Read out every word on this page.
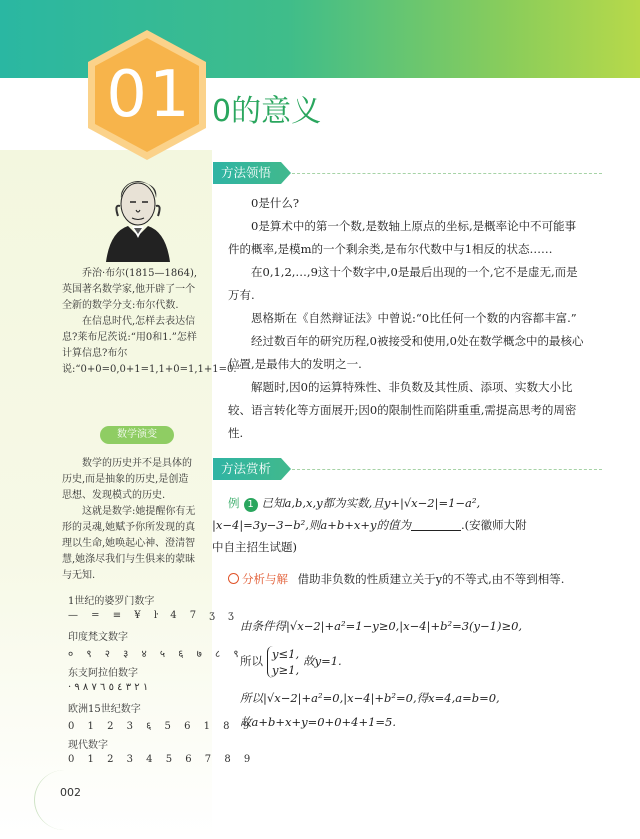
01 0的意义

乔治·布尔(1815—1864),英国著名数学家,他开辟了一个全新的数学分支:布尔代数.

在信息时代,怎样去表达信息?莱布尼茨说:“用0和1.”怎样计算信息?布尔说:“0+0=0,0+1=1,1+0=1,1+1=0.”

数学演变

数学的历史并不是具体的历史,而是抽象的历史,是创造思想、发现模式的历史.

这就是数学:她提醒你有无形的灵魂,她赋予你所发现的真理以生命,她唤起心神、澄清智慧,她涤尽我们与生俱来的蒙昧与无知.

1世纪的婆罗门数字
— = ≡ ¥ ŀ 4 7 ʒ ʒ
印度梵文数字
० ९ २ ३ ४ ५ ६ ७ ८ ९
东支阿拉伯数字
· ١ ٢ ٣ ٤ ٥ ٦ ٧ ٨ ٩
欧洲15世纪数字
0 1 2 3 ६ 5 6 1 8 9
现代数字
0 1 2 3 4 5 6 7 8 9
方法领悟

0是什么?

0是算术中的第一个数,是数轴上原点的坐标,是概率论中不可能事件的概率,是模m的一个剩余类,是布尔代数中与1相反的状态……

在0,1,2,…,9这十个数字中,0是最后出现的一个,它不是虚无,而是万有.

恩格斯在《自然辩证法》中曾说:“0比任何一个数的内容都丰富.”

经过数百年的研究历程,0被接受和使用,0处在数学概念中的最核心位置,是最伟大的发明之一.

解题时,因0的运算特殊性、非负数及其性质、添项、实数大小比较、语言转化等方面展开;因0的限制性而陷阱重重,需提高思考的周密性.

方法赏析
例 1 已知a,b,x,y都为实数,且y+|√x−2|=1−a²,
|x−4|=3y−3−b²,则a+b+x+y的值为	.(安徽师大附
中自主招生试题)
分析与解 借助非负数的性质建立关于y的不等式,由不等到相等.
由条件得|√x−2|+a²=1−y≥0,|x−4|+b²=3(y−1)≥0,
所以 y≤1,
y≥1,
故y=1.
所以|√x−2|+a²=0,|x−4|+b²=0,得x=4,a=b=0,
故a+b+x+y=0+0+4+1=5.
002
